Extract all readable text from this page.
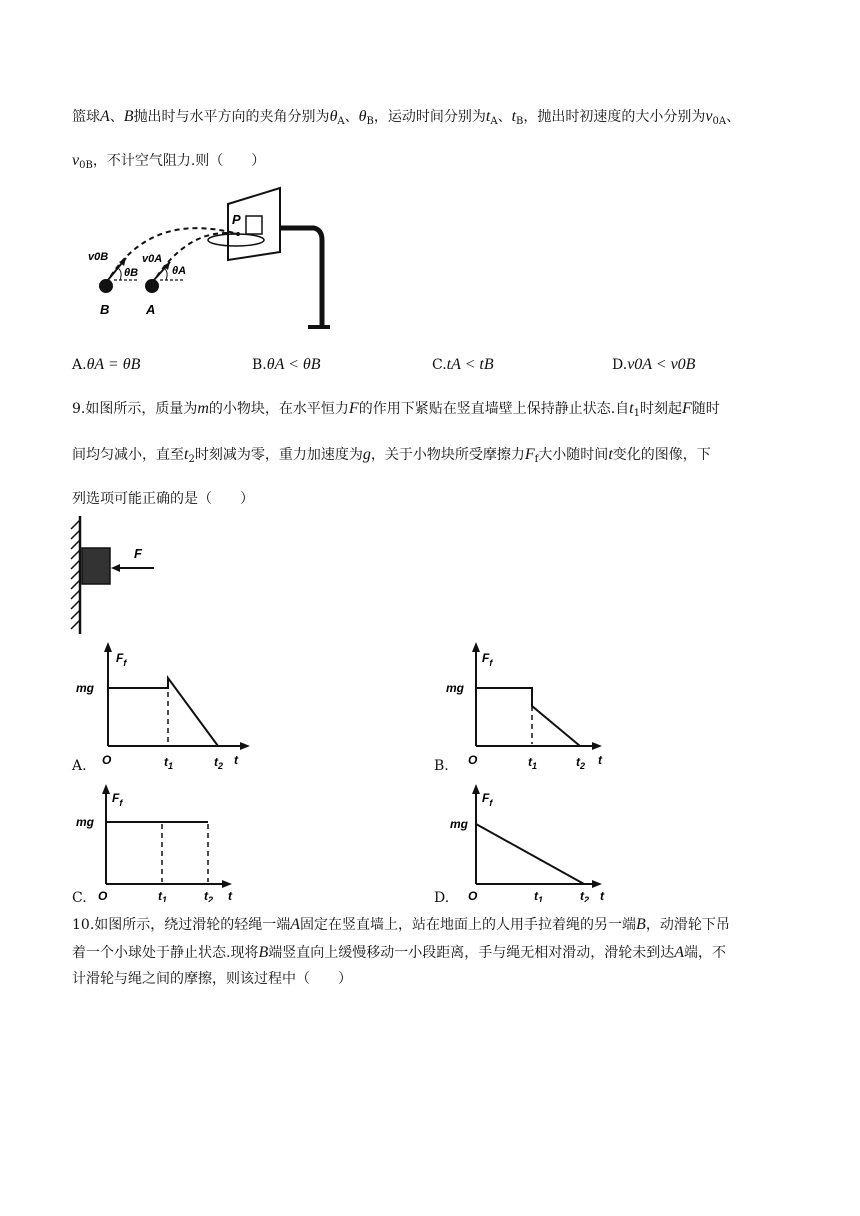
篮球A、B抛出时与水平方向的夹角分别为$\theta_A$、$\theta_B$，运动时间分别为$t_A$、$t_B$，抛出时初速度的大小分别为$v_{0A}$、
$v_{0B}$，不计空气阻力.则（　　）
P
v0B	v0A
θB	θA
B	A
A.θA = θB	B.θA < θB	C.tA < tB	D.v0A < v0B
9.如图所示，质量为m的小物块，在水平恒力F的作用下紧贴在竖直墙壁上保持静止状态.自$t_1$时刻起F随时
间均匀减小，直至$t_2$时刻减为零，重力加速度为g，关于小物块所受摩擦力$F_f$大小随时间t变化的图像，下
列选项可能正确的是（　　）
F
$F_f$
mg
O	$t_1$	$t_2$ t
A.
$F_f$
mg
O	$t_1$	$t_2$ t
B.
$F_f$
mg
O	$t_1$	$t_2$ t
C.
$F_f$
mg
O	$t_1$	$t_2$ t
D.
10.如图所示，绕过滑轮的轻绳一端A固定在竖直墙上，站在地面上的人用手拉着绳的另一端B，动滑轮下吊
着一个小球处于静止状态.现将B端竖直向上缓慢移动一小段距离，手与绳无相对滑动，滑轮未到达A端，不
计滑轮与绳之间的摩擦，则该过程中（　　）
